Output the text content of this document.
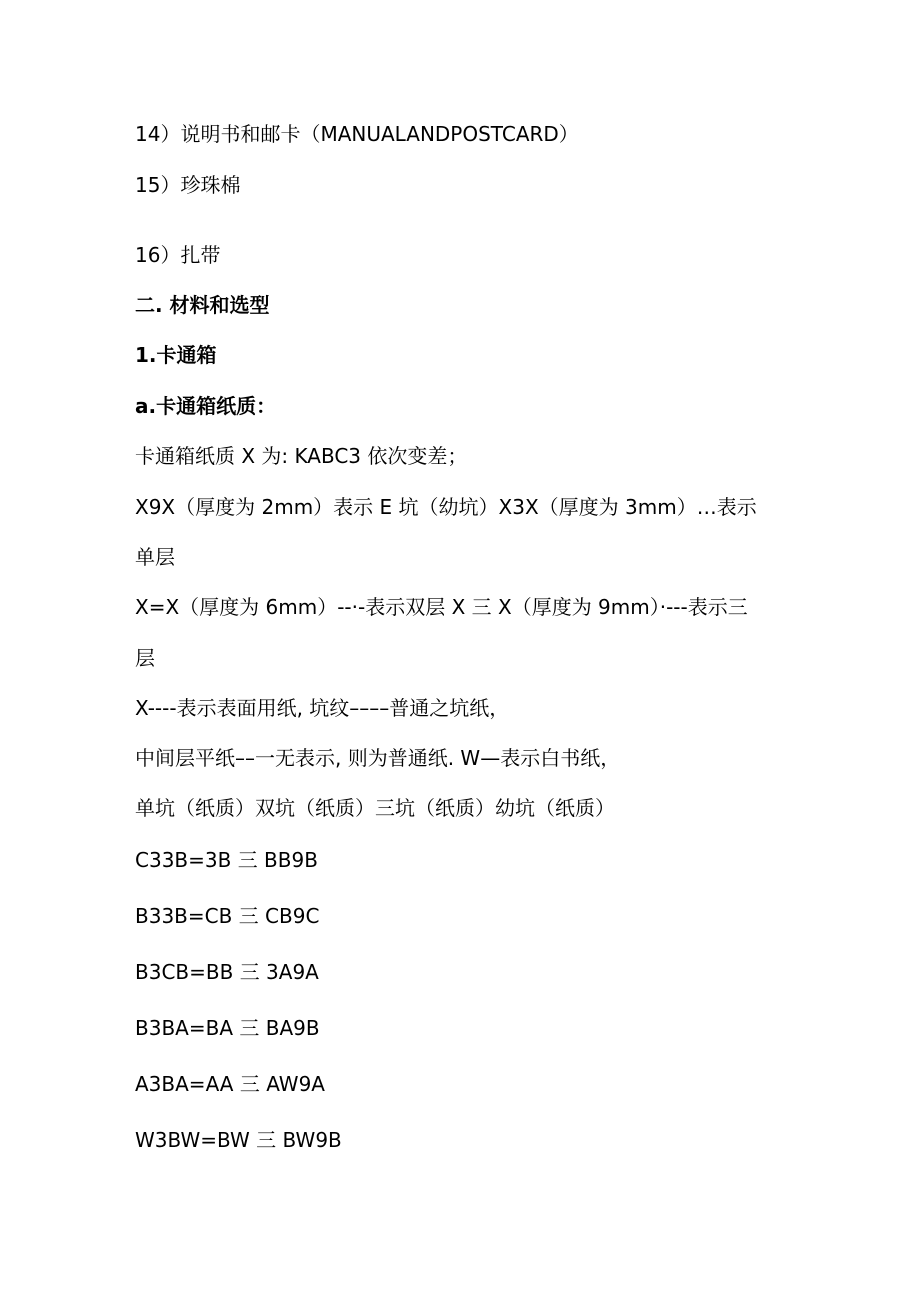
14）说明书和邮卡（MANUALANDPOSTCARD）
15）珍珠棉
16）扎带
二. 材料和选型
1.卡通箱
a.卡通箱纸质：
卡通箱纸质 X 为: KABC3 依次变差；
X9X（厚度为 2mm）表示 E 坑（幼坑）X3X（厚度为 3mm）…表示
单层
X=X（厚度为 6mm）--·-表示双层 X 三 X（厚度为 9mm）·---表示三
层
X----表示表面用纸, 坑纹––––普通之坑纸，
中间层平纸––一无表示, 则为普通纸. W—表示白书纸，
单坑（纸质）双坑（纸质）三坑（纸质）幼坑（纸质）
C33B=3B 三 BB9B
B33B=CB 三 CB9C
B3CB=BB 三 3A9A
B3BA=BA 三 BA9B
A3BA=AA 三 AW9A
W3BW=BW 三 BW9B
